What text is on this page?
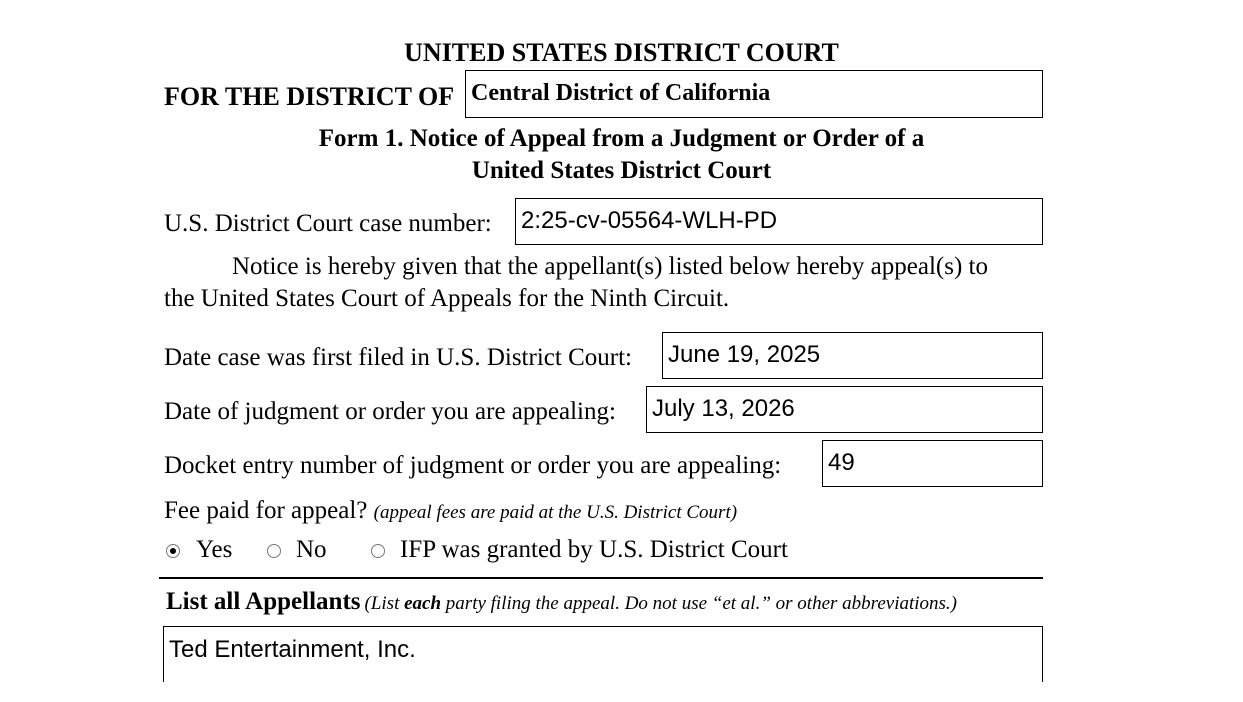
UNITED STATES DISTRICT COURT
FOR THE DISTRICT OF Central District of California
Form 1. Notice of Appeal from a Judgment or Order of a
United States District Court
U.S. District Court case number: 2:25-cv-05564-WLH-PD
Notice is hereby given that the appellant(s) listed below hereby appeal(s) to
the United States Court of Appeals for the Ninth Circuit.
Date case was first filed in U.S. District Court: June 19, 2025
Date of judgment or order you are appealing: July 13, 2026
Docket entry number of judgment or order you are appealing: 49
Fee paid for appeal? (appeal fees are paid at the U.S. District Court)
Yes	No	IFP was granted by U.S. District Court
List all Appellants (List each party filing the appeal. Do not use “et al.” or other abbreviations.)
Ted Entertainment, Inc.
